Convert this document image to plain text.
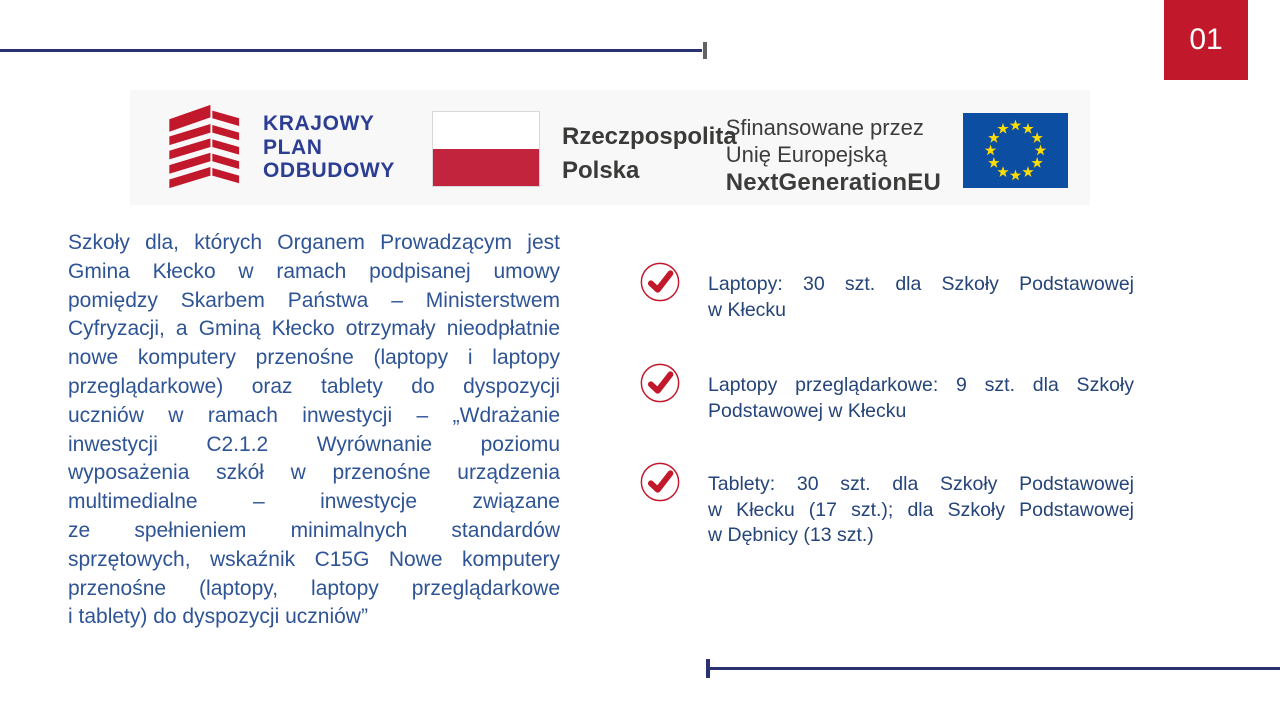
01
KRAJOWY
PLAN
ODBUDOWY
Rzeczpospolita
Polska
Sfinansowane przez
Unię Europejską
NextGenerationEU
Szkoły dla, których Organem Prowadzącym jest
Gmina Kłecko w ramach podpisanej umowy
pomiędzy Skarbem Państwa – Ministerstwem
Cyfryzacji, a Gminą Kłecko otrzymały nieodpłatnie
nowe komputery przenośne (laptopy i laptopy
przeglądarkowe) oraz tablety do dyspozycji
uczniów w ramach inwestycji – „Wdrażanie
inwestycji C2.1.2 Wyrównanie poziomu
wyposażenia szkół w przenośne urządzenia
multimedialne – inwestycje związane
ze spełnieniem minimalnych standardów
sprzętowych, wskaźnik C15G Nowe komputery
przenośne (laptopy, laptopy przeglądarkowe
i tablety) do dyspozycji uczniów”
Laptopy: 30 szt. dla Szkoły Podstawowej
w Kłecku
Laptopy przeglądarkowe: 9 szt. dla Szkoły
Podstawowej w Kłecku
Tablety: 30 szt. dla Szkoły Podstawowej
w Kłecku (17 szt.); dla Szkoły Podstawowej
w Dębnicy (13 szt.)
